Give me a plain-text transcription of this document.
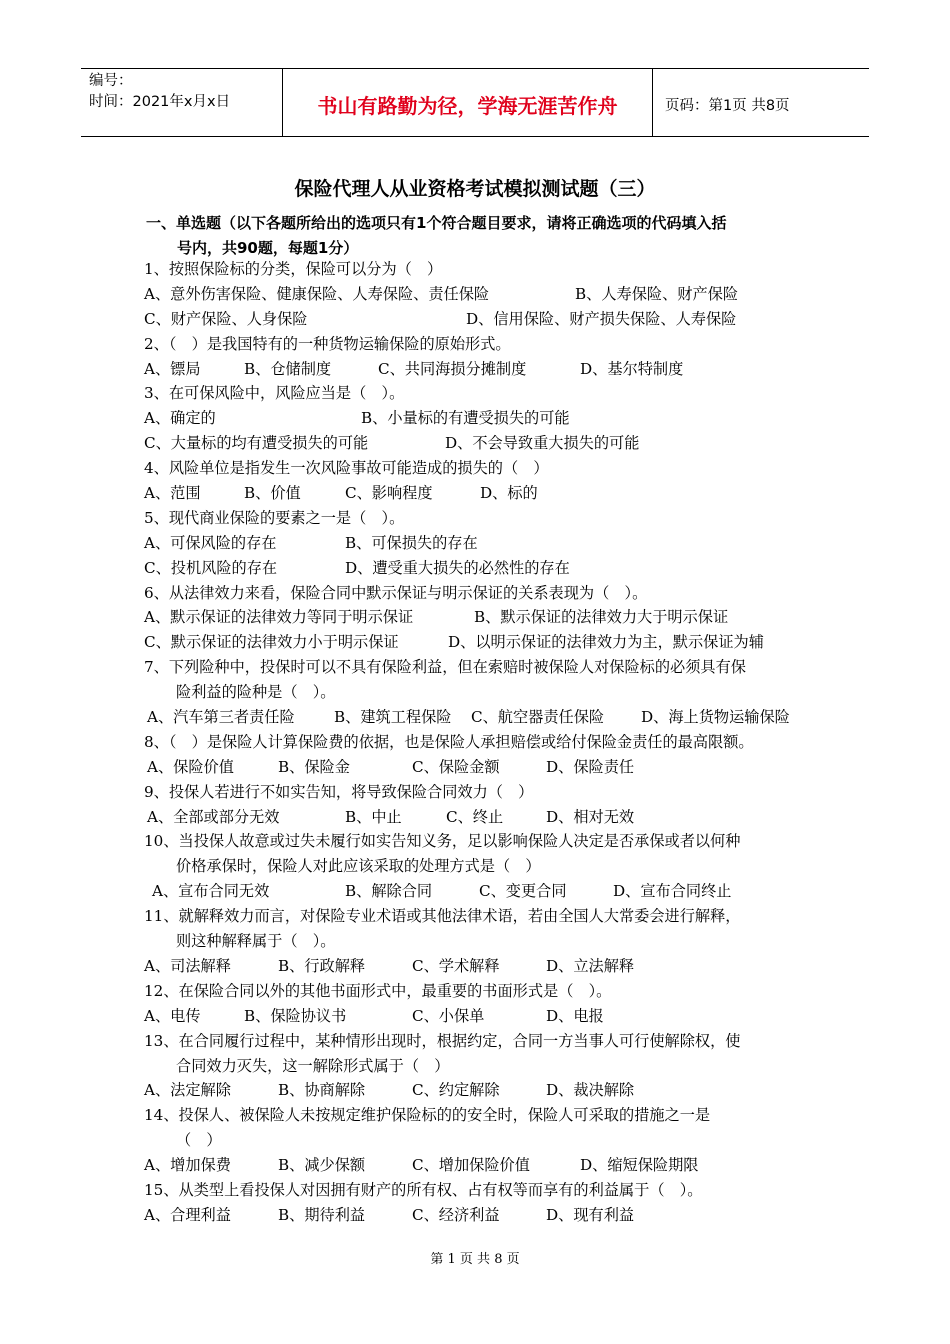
编号：
时间：2021年x月x日	书山有路勤为径，学海无涯苦作舟	页码：第1页 共8页
保险代理人从业资格考试模拟测试题（三）
一、单选题（以下各题所给出的选项只有1个符合题目要求，请将正确选项的代码填入括
号内，共90题，每题1分）
1、按照保险标的分类，保险可以分为（　）
A、意外伤害保险、健康保险、人寿保险、责任保险	B、人寿保险、财产保险
C、财产保险、人身保险	D、信用保险、财产损失保险、人寿保险
2、（　）是我国特有的一种货物运输保险的原始形式。
A、镖局	B、仓储制度	C、共同海损分摊制度	D、基尔特制度
3、在可保风险中，风险应当是（　）。
A、确定的	B、小量标的有遭受损失的可能
C、大量标的均有遭受损失的可能	D、不会导致重大损失的可能
4、风险单位是指发生一次风险事故可能造成的损失的（　）
A、范围	B、价值	C、影响程度	D、标的
5、现代商业保险的要素之一是（　）。
A、可保风险的存在	B、可保损失的存在
C、投机风险的存在	D、遭受重大损失的必然性的存在
6、从法律效力来看，保险合同中默示保证与明示保证的关系表现为（　）。
A、默示保证的法律效力等同于明示保证	B、默示保证的法律效力大于明示保证
C、默示保证的法律效力小于明示保证	D、以明示保证的法律效力为主，默示保证为辅
7、下列险种中，投保时可以不具有保险利益，但在索赔时被保险人对保险标的必须具有保
险利益的险种是（　）。
A、汽车第三者责任险	B、建筑工程保险 C、航空器责任保险 D、海上货物运输保险
8、（　）是保险人计算保险费的依据，也是保险人承担赔偿或给付保险金责任的最高限额。
A、保险价值	B、保险金	C、保险金额	D、保险责任
9、投保人若进行不如实告知，将导致保险合同效力（　）
A、全部或部分无效	B、中止	C、终止	D、相对无效
10、当投保人故意或过失未履行如实告知义务，足以影响保险人决定是否承保或者以何种
价格承保时，保险人对此应该采取的处理方式是（　）
A、宣布合同无效	B、解除合同	C、变更合同	D、宣布合同终止
11、就解释效力而言，对保险专业术语或其他法律术语，若由全国人大常委会进行解释，
则这种解释属于（　）。
A、司法解释	B、行政解释	C、学术解释	D、立法解释
12、在保险合同以外的其他书面形式中，最重要的书面形式是（　）。
A、电传	B、保险协议书	C、小保单	D、电报
13、在合同履行过程中，某种情形出现时，根据约定，合同一方当事人可行使解除权，使
合同效力灭失，这一解除形式属于（　）
A、法定解除	B、协商解除	C、约定解除	D、裁决解除
14、投保人、被保险人未按规定维护保险标的的安全时，保险人可采取的措施之一是
（　）
A、增加保费	B、减少保额	C、增加保险价值	D、缩短保险期限
15、从类型上看投保人对因拥有财产的所有权、占有权等而享有的利益属于（　）。
A、合理利益	B、期待利益	C、经济利益	D、现有利益
第 1 页 共 8 页
